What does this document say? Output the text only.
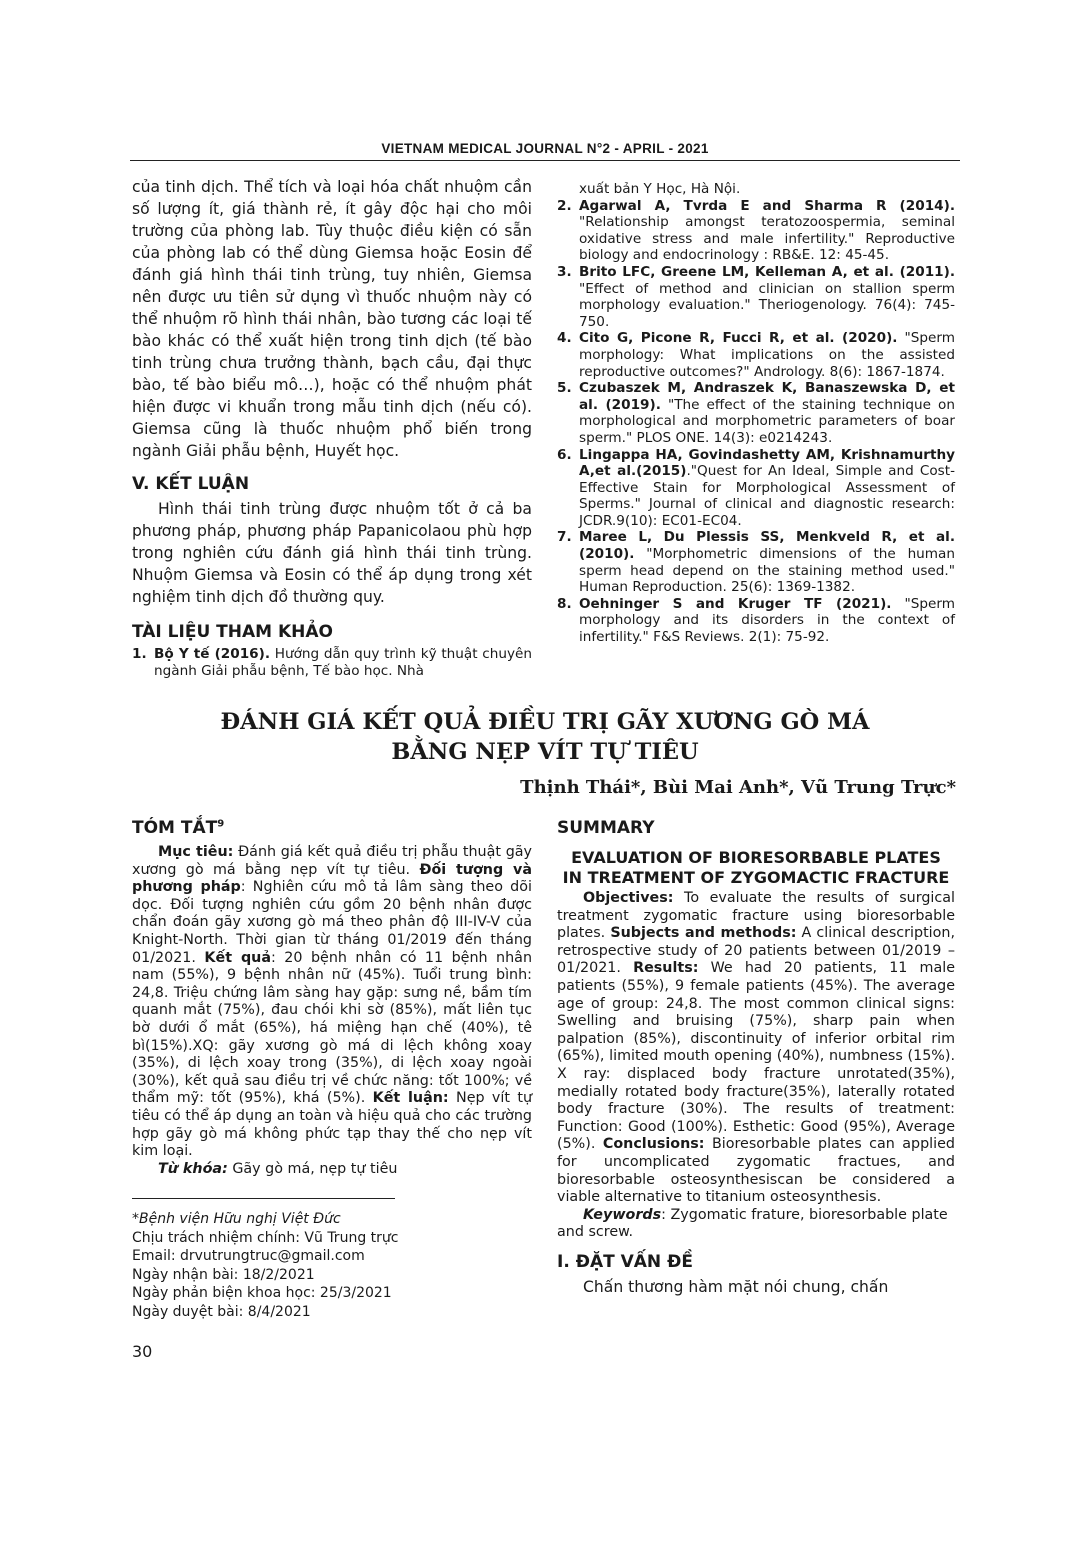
VIETNAM MEDICAL JOURNAL N°2 - APRIL - 2021

của tinh dịch. Thể tích và loại hóa chất nhuộm cần số lượng ít, giá thành rẻ, ít gây độc hại cho môi trường của phòng lab. Tùy thuộc điều kiện có sẵn của phòng lab có thể dùng Giemsa hoặc Eosin để đánh giá hình thái tinh trùng, tuy nhiên, Giemsa nên được ưu tiên sử dụng vì thuốc nhuộm này có thể nhuộm rõ hình thái nhân, bào tương các loại tế bào khác có thể xuất hiện trong tinh dịch (tế bào tinh trùng chưa trưởng thành, bạch cầu, đại thực bào, tế bào biểu mô…), hoặc có thể nhuộm phát hiện được vi khuẩn trong mẫu tinh dịch (nếu có). Giemsa cũng là thuốc nhuộm phổ biến trong ngành Giải phẫu bệnh, Huyết học.

V. KẾT LUẬN

Hình thái tinh trùng được nhuộm tốt ở cả ba phương pháp, phương pháp Papanicolaou phù hợp trong nghiên cứu đánh giá hình thái tinh trùng. Nhuộm Giemsa và Eosin có thể áp dụng trong xét nghiệm tinh dịch đồ thường quy.

TÀI LIỆU THAM KHẢO
1. Bộ Y tế (2016). Hướng dẫn quy trình kỹ thuật chuyên ngành Giải phẫu bệnh, Tế bào học. Nhà
xuất bản Y Học, Hà Nội.
2. Agarwal A, Tvrda E and Sharma R (2014). "Relationship amongst teratozoospermia, seminal oxidative stress and male infertility." Reproductive biology and endocrinology : RB&E. 12: 45-45.
3. Brito LFC, Greene LM, Kelleman A, et al. (2011). "Effect of method and clinician on stallion sperm morphology evaluation." Theriogenology. 76(4): 745-750.
4. Cito G, Picone R, Fucci R, et al. (2020). "Sperm morphology: What implications on the assisted reproductive outcomes?" Andrology. 8(6): 1867-1874.
5. Czubaszek M, Andraszek K, Banaszewska D, et al. (2019). "The effect of the staining technique on morphological and morphometric parameters of boar sperm." PLOS ONE. 14(3): e0214243.
6. Lingappa HA, Govindashetty AM, Krishnamurthy A,et al.(2015)."Quest for An Ideal, Simple and Cost-Effective Stain for Morphological Assessment of Sperms." Journal of clinical and diagnostic research: JCDR.9(10): EC01-EC04.
7. Maree L, Du Plessis SS, Menkveld R, et al. (2010). "Morphometric dimensions of the human sperm head depend on the staining method used." Human Reproduction. 25(6): 1369-1382.
8. Oehninger S and Kruger TF (2021). "Sperm morphology and its disorders in the context of infertility." F&S Reviews. 2(1): 75-92.
ĐÁNH GIÁ KẾT QUẢ ĐIỀU TRỊ GÃY XƯƠNG GÒ MÁ
BẰNG NẸP VÍT TỰ TIÊU
Thịnh Thái*, Bùi Mai Anh*, Vũ Trung Trực*
TÓM TẮT$^9$

Mục tiêu: Đánh giá kết quả điều trị phẫu thuật gãy xương gò má bằng nẹp vít tự tiêu. Đối tượng và phương pháp: Nghiên cứu mô tả lâm sàng theo dõi dọc. Đối tượng nghiên cứu gồm 20 bệnh nhân được chẩn đoán gãy xương gò má theo phân độ III-IV-V của Knight-North. Thời gian từ tháng 01/2019 đến tháng 01/2021. Kết quả: 20 bệnh nhân có 11 bệnh nhân nam (55%), 9 bệnh nhân nữ (45%). Tuổi trung bình: 24,8. Triệu chứng lâm sàng hay gặp: sưng nề, bầm tím quanh mắt (75%), đau chói khi sờ (85%), mất liên tục bờ dưới ổ mắt (65%), há miệng hạn chế (40%), tê bì(15%).XQ: gãy xương gò má di lệch không xoay (35%), di lệch xoay trong (35%), di lệch xoay ngoài (30%), kết quả sau điều trị về chức năng: tốt 100%; về thẩm mỹ: tốt (95%), khá (5%). Kết luận: Nẹp vít tự tiêu có thể áp dụng an toàn và hiệu quả cho các trường hợp gãy gò má không phức tạp thay thế cho nẹp vít kim loại.

Từ khóa: Gãy gò má, nẹp tự tiêu

*Bệnh viện Hữu nghị Việt Đức
Chịu trách nhiệm chính: Vũ Trung trực
Email: drvutrungtruc@gmail.com
Ngày nhận bài: 18/2/2021
Ngày phản biện khoa học: 25/3/2021
Ngày duyệt bài: 8/4/2021
SUMMARY
EVALUATION OF BIORESORBABLE PLATES
IN TREATMENT OF ZYGOMACTIC FRACTURE

Objectives: To evaluate the results of surgical treatment zygomatic fracture using bioresorbable plates. Subjects and methods: A clinical description, retrospective study of 20 patients between 01/2019 – 01/2021. Results: We had 20 patients, 11 male patients (55%), 9 female patients (45%). The average age of group: 24,8. The most common clinical signs: Swelling and bruising (75%), sharp pain when palpation (85%), discontinuity of inferior orbital rim (65%), limited mouth opening (40%), numbness (15%). X ray: displaced body fracture unrotated(35%), medially rotated body fracture(35%), laterally rotated body fracture (30%). The results of treatment: Function: Good (100%). Esthetic: Good (95%), Average (5%). Conclusions: Bioresorbable plates can applied for uncomplicated zygomatic fractues, and bioresorbable osteosynthesiscan be considered a viable alternative to titanium osteosynthesis.

Keywords: Zygomatic frature, bioresorbable plate and screw.

I. ĐẶT VẤN ĐỀ

Chấn thương hàm mặt nói chung, chấn

30
